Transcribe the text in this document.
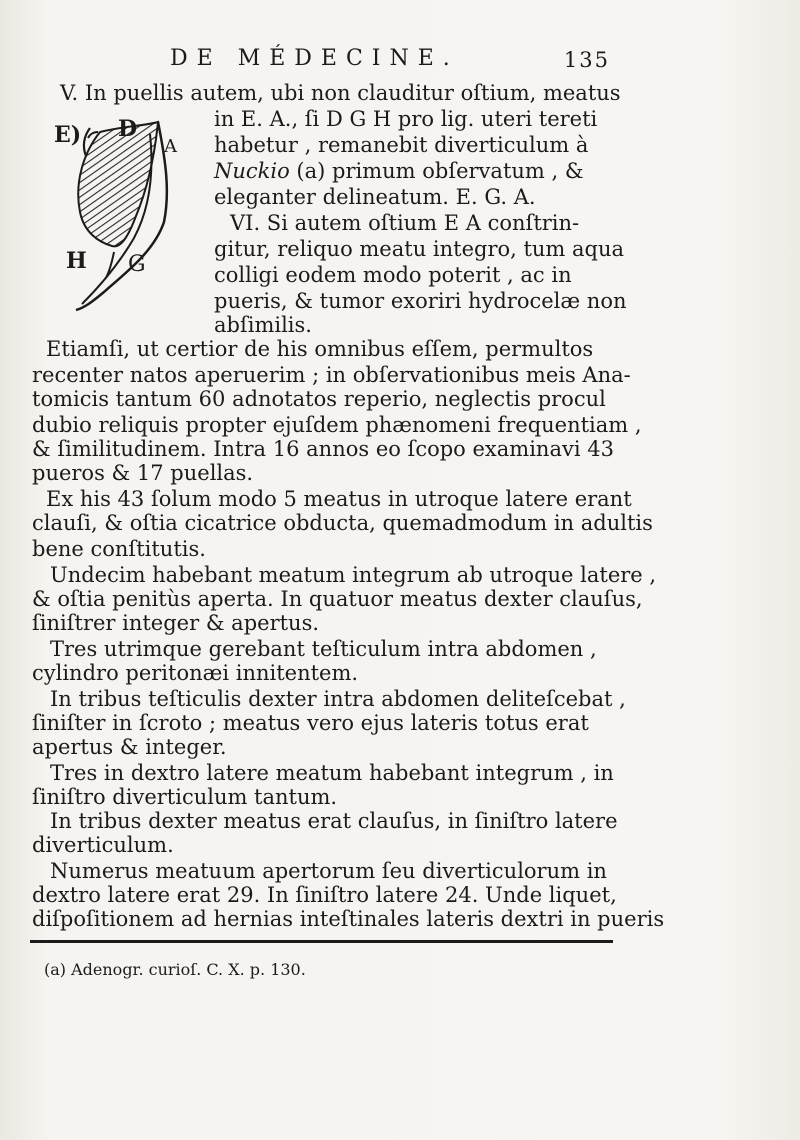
DE MÉDECINE.	135
E) D
A
H G
V. In puellis autem, ubi non clauditur oſtium, meatus
in E. A., ſi D G H pro lig. uteri tereti
habetur , remanebit diverticulum à
Nuckio (a) primum obſervatum , &
eleganter delineatum. E. G. A.
VI. Si autem oſtium E A conſtrin-
gitur, reliquo meatu integro, tum aqua
colligi eodem modo poterit , ac in
pueris, & tumor exoriri hydrocelæ non
abſimilis.
Etiamſi, ut certior de his omnibus eſſem, permultos
recenter natos aperuerim ; in obſervationibus meis Ana-
tomicis tantum 60 adnotatos reperio, neglectis procul
dubio reliquis propter ejuſdem phænomeni frequentiam ,
& ſimilitudinem. Intra 16 annos eo ſcopo examinavi 43
pueros & 17 puellas.
Ex his 43 ſolum modo 5 meatus in utroque latere erant
clauſi, & oſtia cicatrice obducta, quemadmodum in adultis
bene conſtitutis.
Undecim habebant meatum integrum ab utroque latere ,
& oſtia penitùs aperta. In quatuor meatus dexter clauſus,
ſiniſtrer integer & apertus.
Tres utrimque gerebant teſticulum intra abdomen ,
cylindro peritonæi innitentem.
In tribus teſticulis dexter intra abdomen deliteſcebat ,
ſiniſter in ſcroto ; meatus vero ejus lateris totus erat
apertus & integer.
Tres in dextro latere meatum habebant integrum , in
ſiniſtro diverticulum tantum.
In tribus dexter meatus erat clauſus, in ſiniſtro latere
diverticulum.
Numerus meatuum apertorum ſeu diverticulorum in
dextro latere erat 29. In ſiniſtro latere 24. Unde liquet,
diſpoſitionem ad hernias inteſtinales lateris dextri in pueris
(a) Adenogr. curioſ. C. X. p. 130.
